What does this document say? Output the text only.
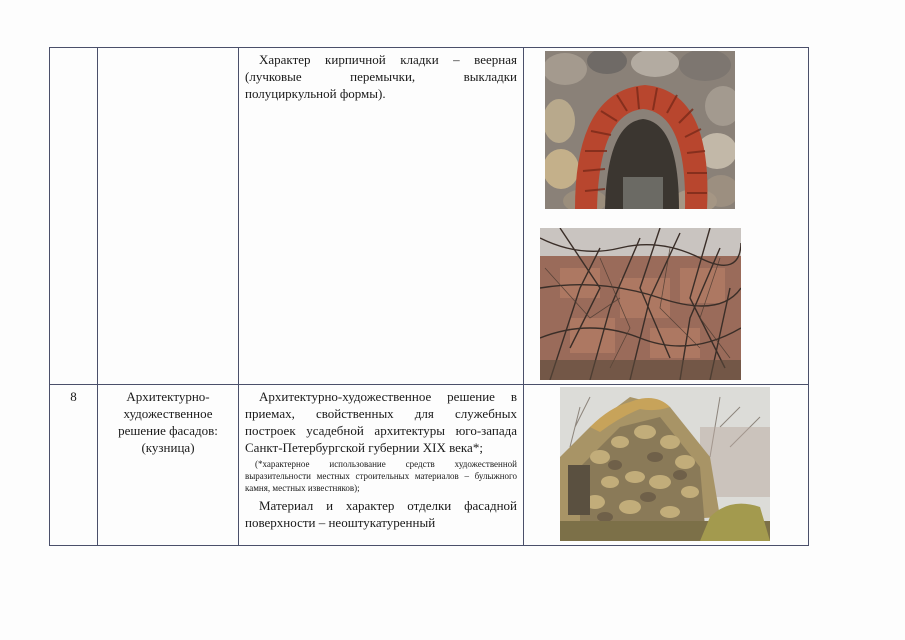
		Характер кирпичной кладки – веерная (лучковые перемычки, выкладки полуциркульной формы).

8	Архитектурно-художественное решение фасадов: (кузница)	Архитектурно-художественное решение в приемах, свойственных для служебных построек усадебной архитектуры юго-запада Санкт-Петербургской губернии XIX века*;

(*характерное использование средств художественной выразительности местных строительных материалов – булыжного камня, местных известняков);

Материал и характер отделки фасадной поверхности – неоштукатуренный
